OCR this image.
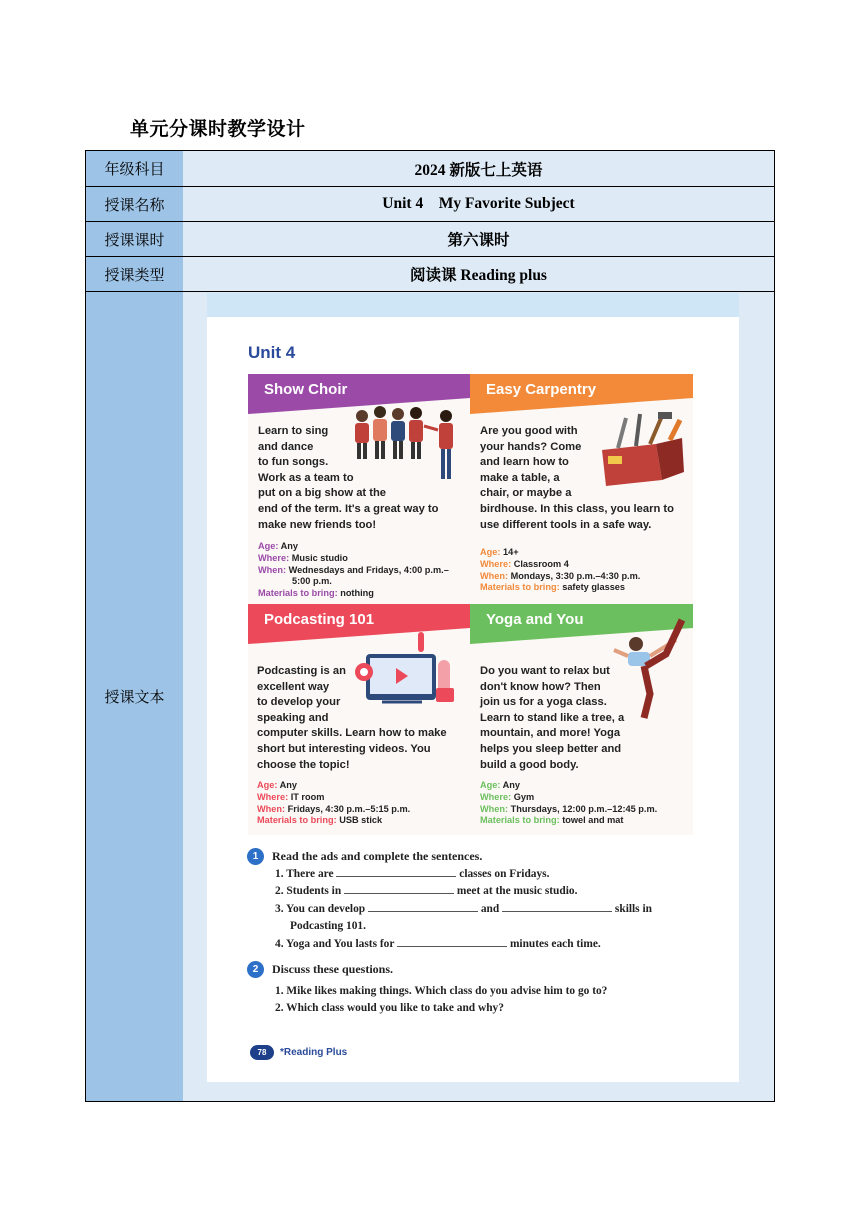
单元分课时教学设计
年级科目	2024 新版七上英语
授课名称	Unit 4    My Favorite Subject
授课课时	第六课时
授课类型	阅读课 Reading plus
授课文本
Unit 4
Show Choir
Learn to sing
and dance
to fun songs.
Work as a team to
put on a big show at the
end of the term. It's a great way to
make new friends too!
Age: Any
Where: Music studio
When: Wednesdays and Fridays, 4:00 p.m.–
5:00 p.m.
Materials to bring: nothing
Easy Carpentry
Are you good with
your hands? Come
and learn how to
make a table, a
chair, or maybe a
birdhouse. In this class, you learn to
use different tools in a safe way.
Age: 14+
Where: Classroom 4
When: Mondays, 3:30 p.m.–4:30 p.m.
Materials to bring: safety glasses
Podcasting 101
Podcasting is an
excellent way
to develop your
speaking and
computer skills. Learn how to make
short but interesting videos. You
choose the topic!
Age: Any
Where: IT room
When: Fridays, 4:30 p.m.–5:15 p.m.
Materials to bring: USB stick
Yoga and You
Do you want to relax but
don't know how? Then
join us for a yoga class.
Learn to stand like a tree, a
mountain, and more! Yoga
helps you sleep better and
build a good body.
Age: Any
Where: Gym
When: Thursdays, 12:00 p.m.–12:45 p.m.
Materials to bring: towel and mat
1	Read the ads and complete the sentences.
1. There are	classes on Fridays.
2. Students in	meet at the music studio.
3. You can develop	and	skills in
Podcasting 101.
4. Yoga and You lasts for	minutes each time.
2	Discuss these questions.
1. Mike likes making things. Which class do you advise him to go to?
2. Which class would you like to take and why?
78	*Reading Plus
